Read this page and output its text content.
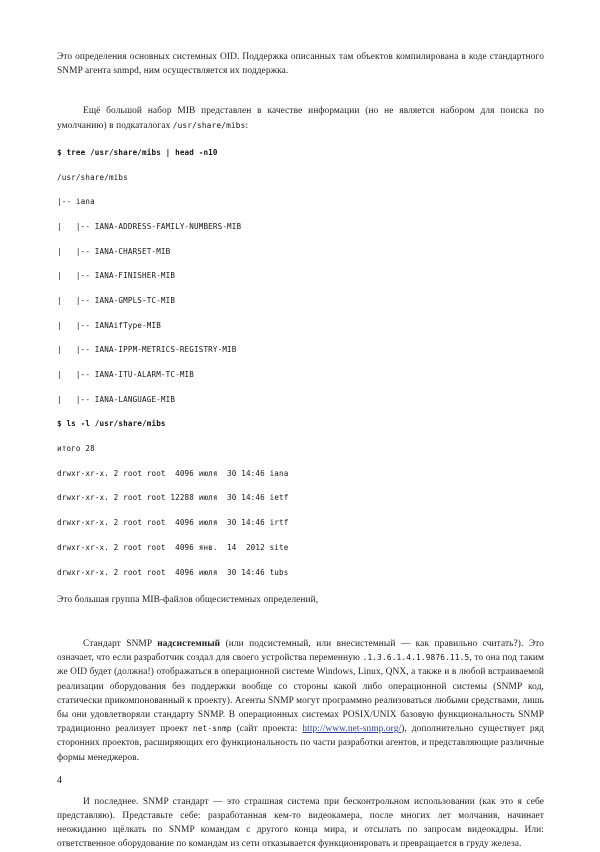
Это определения основных системных OID. Поддержка описанных там объектов компилирована в коде стандартного SNMP агента snmpd, ним осуществляется их поддержка.

Ещё большой набор MIB представлен в качестве информации (но не является набором для поиска по умолчанию) в подкаталогах /usr/share/mibs:

$ tree /usr/share/mibs | head -n10

/usr/share/mibs

|-- iana

|   |-- IANA-ADDRESS-FAMILY-NUMBERS-MIB

|   |-- IANA-CHARSET-MIB

|   |-- IANA-FINISHER-MIB

|   |-- IANA-GMPLS-TC-MIB

|   |-- IANAifType-MIB

|   |-- IANA-IPPM-METRICS-REGISTRY-MIB

|   |-- IANA-ITU-ALARM-TC-MIB

|   |-- IANA-LANGUAGE-MIB

$ ls -l /usr/share/mibs

итого 28

drwxr-xr-x. 2 root root  4096 июля  30 14:46 iana

drwxr-xr-x. 2 root root 12288 июля  30 14:46 ietf

drwxr-xr-x. 2 root root  4096 июля  30 14:46 irtf

drwxr-xr-x. 2 root root  4096 янв.  14  2012 site

drwxr-xr-x. 2 root root  4096 июля  30 14:46 tubs

Это большая группа MIB-файлов общесистемных определений,

Стандарт SNMP надсистемный (или подсистемный, или внесистемный — как правильно считать?). Это означает, что если разработчик создал для своего устройства переменную .1.3.6.1.4.1.9876.11.5, то она под таким же OID будет (должна!) отображаться в операционной системе Windows, Linux, QNX, а также и в любой встраиваемой реализации оборудования без поддержки вообще со стороны какой либо операционной системы (SNMP код, статически прикомпонованный к проекту). Агенты SNMP могут программно реализоваться любыми средствами, лишь бы они удовлетворяли стандарту SNMP. В операционных системах POSIX/UNIX базовую функциональность SNMP традиционно реализует проект net-snmp (сайт проекта: http://www.net-snmp.org/), дополнительно существует ряд сторонних проектов, расширяющих его функциональность по части разработки агентов, и представляющие различные формы менеджеров.

И последнее. SNMP стандарт — это страшная система при бесконтрольном использовании (как это я себе представляю). Представьте себе: разработанная кем-то видеокамера, после многих лет молчания, начинает неожиданно щёлкать по SNMP командам с другого конца мира, и отсылать по запросам видеокадры. Или: ответственное оборудование по командам из сети отказывается функционировать и превращается в груду железа.

4
